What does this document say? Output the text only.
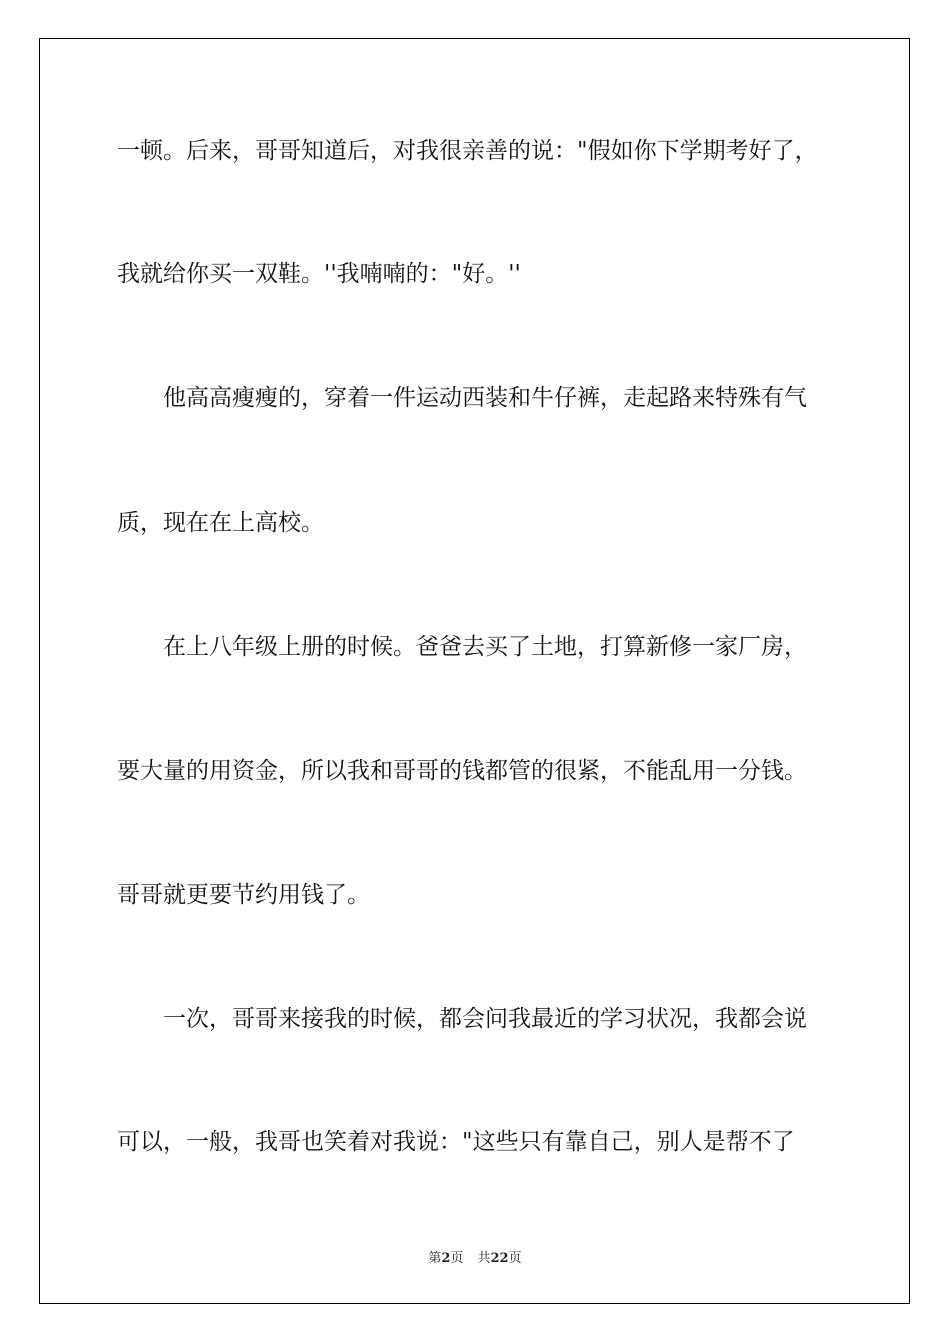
一顿。后来，哥哥知道后，对我很亲善的说："假如你下学期考好了，
我就给你买一双鞋。''我喃喃的："好。''
他高高瘦瘦的，穿着一件运动西装和牛仔裤，走起路来特殊有气
质，现在在上高校。
在上八年级上册的时候。爸爸去买了土地，打算新修一家厂房，
要大量的用资金，所以我和哥哥的钱都管的很紧，不能乱用一分钱。
哥哥就更要节约用钱了。
一次，哥哥来接我的时候，都会问我最近的学习状况，我都会说
可以，一般，我哥也笑着对我说："这些只有靠自己，别人是帮不了
第2页 共22页
